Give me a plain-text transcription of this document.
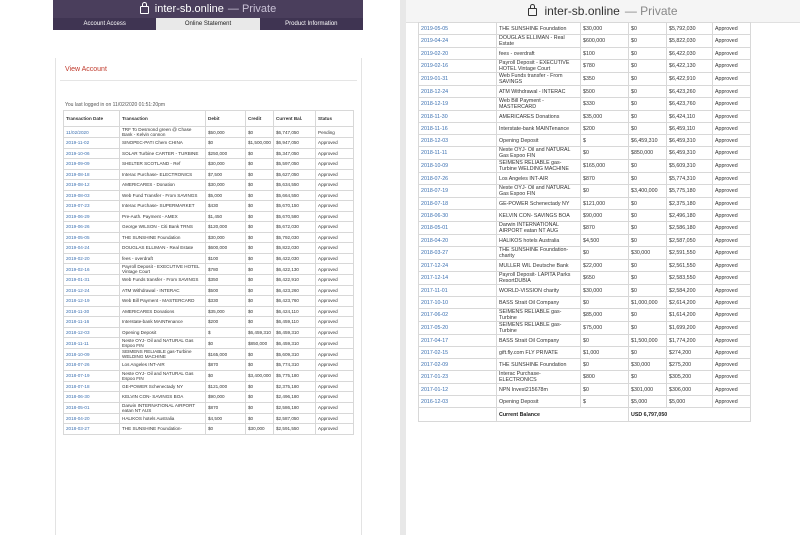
inter-sb.online — Private
Account Access	Online Statement	Product Information
View Account
You last logged in on 11/02/2020 01:51:20pm
Transaction Date	Transaction	Debit	Credit	Current Bal.	Status
11/02/2020	TRF To Desmond green @ Chase Bank - Kelvin connon	$50,000	$0	$6,747,050	Pending
2019-11-02	SINOPEC-PATI Chem CHINA	$0	$1,500,000	$6,947,050	Approved
2019-10-06	SOLAR Turbine CARTER - TURBINE	$250,000	$0	$5,347,050	Approved
2019-09-09	SHELTER SCOTLAND - Ref	$30,000	$0	$5,597,050	Approved
2019-08-18	Interac Purchase- ELECTRONICS	$7,500	$0	$5,627,050	Approved
2019-08-12	AMERICARES - Donation	$30,000	$0	$5,634,550	Approved
2019-08-03	Web Fund Transfer - From SAVINGS	$5,000	$0	$5,664,550	Approved
2019-07-23	Interac Purchase- SUPERMARKET	$430	$0	$5,670,150	Approved
2019-06-29	Pre-Auth. Payment - AMEX	$1,450	$0	$5,670,580	Approved
2019-06-26	George WILSON - Citi Bank TRNS	$120,000	$0	$5,672,030	Approved
2019-05-05	THE SUNSHINE Foundation	$30,000	$0	$5,792,030	Approved
2019-04-24	DOUGLAS ELLIMAN - Real Estate	$600,000	$0	$5,822,030	Approved
2019-02-20	fees - overdraft	$100	$0	$6,422,030	Approved
2019-02-16	Payroll Deposit - EXECUTIVE HOTEL Vintage Court	$780	$0	$6,422,130	Approved
2019-01-31	Web Funds transfer - From SAVINGS	$350	$0	$6,422,910	Approved
2018-12-24	ATM Withdrawal - INTERAC	$500	$0	$6,423,260	Approved
2018-12-19	Web Bill Payment - MASTERCARD	$330	$0	$6,423,760	Approved
2018-11-30	AMERICARES Donations	$35,000	$0	$6,424,110	Approved
2018-11-16	Interstate-bank MAINTenance	$200	$0	$6,459,110	Approved
2018-12-03	Opening Deposit	$	$6,459,310	$6,459,310	Approved
2018-11-11	Neste OYJ- Oil and NATURAL Gas Espoo FIN	$0	$850,000	$6,459,310	Approved
2018-10-09	SEIMENS RELIABLE gas-Turbine WELDING MACHINE	$165,000	$0	$5,609,310	Approved
2018-07-26	Los Angeles INT-AIR	$870	$0	$5,774,310	Approved
2018-07-19	Neste OYJ- Oil and NATURAL Gas Espoo FIN	$0	$3,400,000	$5,775,180	Approved
2018-07-18	GE-POWER Schenectady NY	$121,000	$0	$2,375,180	Approved
2018-06-30	KELVIN CON- SAVINGS BOA	$90,000	$0	$2,496,180	Approved
2018-05-01	Darwin INTERNATIONAL AIRPORT eatan NT AUS	$870	$0	$2,586,180	Approved
2018-04-20	HALIKOS hotels Australia	$4,500	$0	$2,587,050	Approved
2018-03-27	THE SUNSHINE Foundation-	$0	$30,000	$2,591,550	Approved
inter-sb.online — Private
2019-05-05	THE SUNSHINE Foundation	$30,000	$0	$5,792,030	Approved
2019-04-24	DOUGLAS ELLIMAN - Real Estate	$600,000	$0	$5,822,030	Approved
2019-02-20	fees - overdraft	$100	$0	$6,422,030	Approved
2019-02-16	Payroll Deposit - EXECUTIVE HOTEL Vintage Court	$780	$0	$6,422,130	Approved
2019-01-31	Web Funds transfer - From SAVINGS	$350	$0	$6,422,910	Approved
2018-12-24	ATM Withdrawal - INTERAC	$500	$0	$6,423,260	Approved
2018-12-19	Web Bill Payment - MASTERCARD	$330	$0	$6,423,760	Approved
2018-11-30	AMERICARES Donations	$35,000	$0	$6,424,110	Approved
2018-11-16	Interstate-bank MAINTenance	$200	$0	$6,459,110	Approved
2018-12-03	Opening Deposit	$	$6,459,310	$6,459,310	Approved
2018-11-11	Neste OYJ- Oil and NATURAL Gas Espoo FIN	$0	$850,000	$6,459,310	Approved
2018-10-09	SEIMENS RELIABLE gas-Turbine WELDING MACHINE	$165,000	$0	$5,609,310	Approved
2018-07-26	Los Angeles INT-AIR	$870	$0	$5,774,310	Approved
2018-07-19	Neste OYJ- Oil and NATURAL Gas Espoo FIN	$0	$3,400,000	$5,775,180	Approved
2018-07-18	GE-POWER Schenectady NY	$121,000	$0	$2,375,180	Approved
2018-06-30	KELVIN CON- SAVINGS BOA	$90,000	$0	$2,496,180	Approved
2018-05-01	Darwin INTERNATIONAL AIRPORT eatan NT AUG	$870	$0	$2,586,180	Approved
2018-04-20	HALIKOS hotels Australia	$4,500	$0	$2,587,050	Approved
2018-03-27	THE SUNSHINE Foundation-charity	$0	$30,000	$2,591,550	Approved
2017-12-24	MULLER WIL Deutsche Bank	$22,000	$0	$2,561,550	Approved
2017-12-14	Payroll Deposit- LAPITA Parks ResortDUBIA	$650	$0	$2,583,550	Approved
2017-11-01	WORLD-VISSION charity	$30,000	$0	$2,584,200	Approved
2017-10-10	BASS Strait Oil Company	$0	$1,000,000	$2,614,200	Approved
2017-06-02	SEIMENS RELIABLE gas-Turbine	$85,000	$0	$1,614,200	Approved
2017-05-20	SEIMENS RELIABLE gas-Turbine	$75,000	$0	$1,699,200	Approved
2017-04-17	BASS Strait Oil Company	$0	$1,500,000	$1,774,200	Approved
2017-02-15	gift.fly.com FLY PRIVATE	$1,000	$0	$274,200	Approved
2017-02-09	THE SUNSHINE Foundation	$0	$30,000	$275,200	Approved
2017-01-23	Interac Purchase- ELECTRONICS	$800	$0	$305,200	Approved
2017-01-12	NPN Invest215678m	$0	$301,000	$306,000	Approved
2016-12-03	Opening Deposit	$	$5,000	$5,000	Approved
	Current Balance		USD 6,797,050		
